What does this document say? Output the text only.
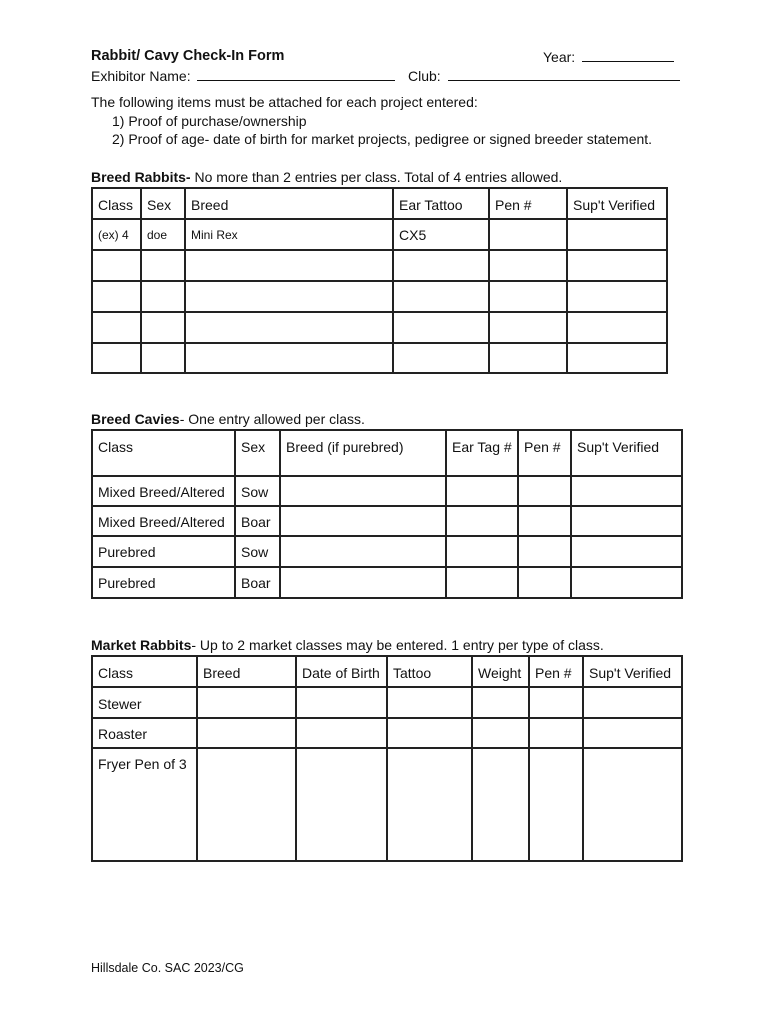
Rabbit/ Cavy Check-In Form	Year:
Exhibitor Name:	Club:
The following items must be attached for each project entered:
1) Proof of purchase/ownership
2) Proof of age- date of birth for market projects, pedigree or signed breeder statement.
Breed Rabbits- No more than 2 entries per class. Total of 4 entries allowed.
Class	Sex	Breed	Ear Tattoo	Pen #	Sup't Verified
(ex) 4	doe	Mini Rex	CX5		

Breed Cavies- One entry allowed per class.
Class	Sex	Breed (if purebred)	Ear Tag #	Pen #	Sup't Verified
Mixed Breed/Altered	Sow				
Mixed Breed/Altered	Boar				
Purebred	Sow				
Purebred	Boar				
Market Rabbits- Up to 2 market classes may be entered. 1 entry per type of class.
Class	Breed	Date of Birth	Tattoo	Weight	Pen #	Sup't Verified
Stewer						
Roaster						
Fryer Pen of 3						
Hillsdale Co. SAC 2023/CG
